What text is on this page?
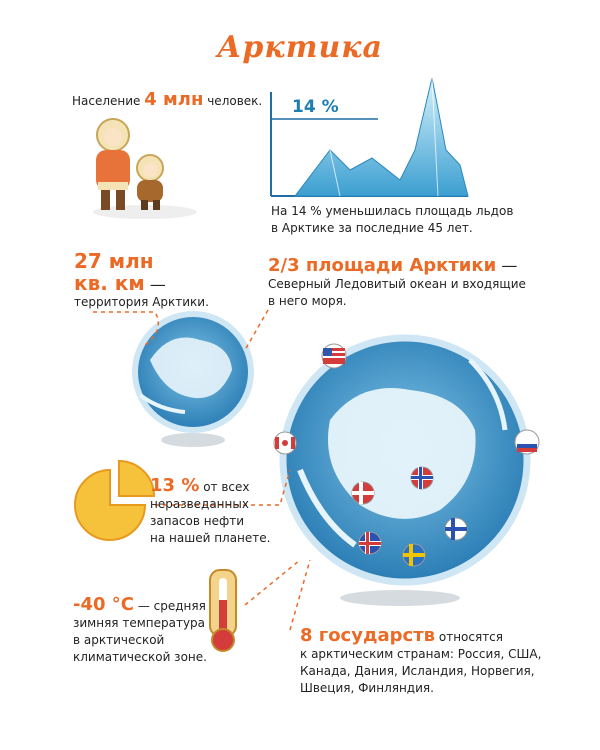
Арктика
Население 4 млн человек. 14 %
На 14 % уменьшилась площадь льдов
в Арктике за последние 45 лет.
27 млн
кв. км —
территория Арктики.
2/3 площади Арктики —
Северный Ледовитый океан и входящие
в него моря.
13 % от всех
неразведанных
запасов нефти
на нашей планете.
-40 °C — средняя
зимняя температура
в арктической
климатической зоне.
8 государств относятся
к арктическим странам: Россия, США,
Канада, Дания, Исландия, Норвегия,
Швеция, Финляндия.
